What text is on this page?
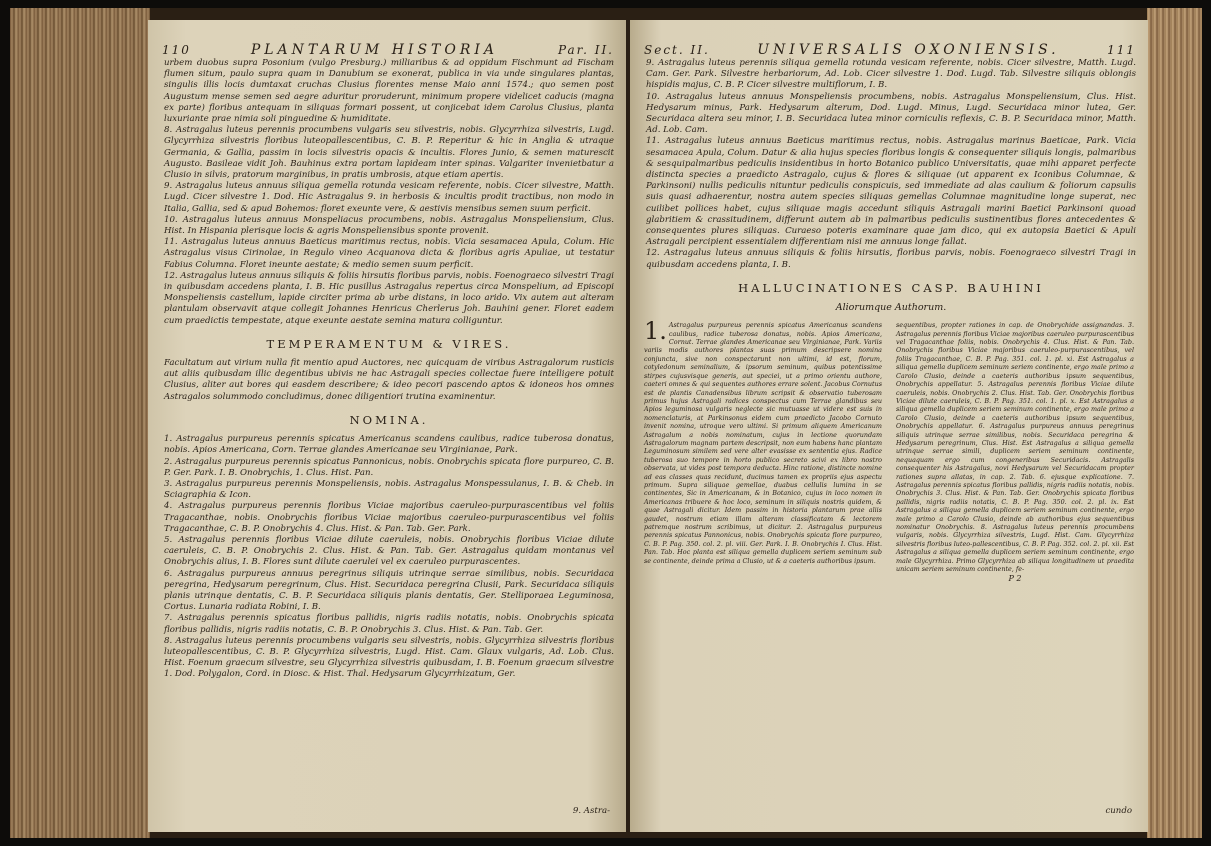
110	PLANTARUM HISTORIA	Par. II.

urbem duobus supra Posonium (vulgo Presburg.) milliaribus & ad oppidum Fischmunt ad Fischam flumen situm, paulo supra quam in Danubium se exonerat, publica in via unde singulares plantas, singulis illis locis dumtaxat cruchas Clusius florentes mense Maio anni 1574.; quo semen post Augustum mense semen sed aegre aduritur proruderunt, minimum propere videlicet caducis (magna ex parte) floribus antequam in siliquas formari possent, ut conjicebat idem Carolus Clusius, planta luxuriante prae nimia soli pinguedine & humiditate.

8. Astragalus luteus perennis procumbens vulgaris seu silvestris, nobis. Glycyrrhiza silvestris, Lugd. Glycyrrhiza silvestris floribus luteopallescentibus, C. B. P. Reperitur & hic in Anglia & utraque Germania, & Gallia, passim in locis silvestris opacis & incultis. Flores Junio, & semen maturescit Augusto. Basileae vidit Joh. Bauhinus extra portam lapideam inter spinas. Valgariter invenietbatur a Clusio in silvis, pratorum marginibus, in pratis umbrosis, atque etiam apertis.

9. Astragalus luteus annuus siliqua gemella rotunda vesicam referente, nobis. Cicer silvestre, Matth. Lugd. Cicer silvestre 1. Dod. Hic Astragalus 9. in herbosis & incultis prodit tractibus, non modo in Italia, Gallia, sed & apud Bohemos: floret exeunte vere, & aestivis mensibus semen suum perficit.

10. Astragalus luteus annuus Monspeliacus procumbens, nobis. Astragalus Monspeliensium, Clus. Hist. In Hispania plerisque locis & agris Monspeliensibus sponte provenit.

11. Astragalus luteus annuus Baeticus maritimus rectus, nobis. Vicia sesamacea Apula, Colum. Hic Astragalus visus Cirinolae, in Regulo vineo Acquanova dicta & floribus agris Apuliae, ut testatur Fabius Columna. Floret ineunte aestate; & medio semen suum perficit.

12. Astragalus luteus annuus siliquis & foliis hirsutis floribus parvis, nobis. Foenograeco silvestri Tragi in quibusdam accedens planta, I. B. Hic pusillus Astragalus repertus circa Monspelium, ad Episcopi Monspeliensis castellum, lapide circiter prima ab urbe distans, in loco arido. Vix autem aut alteram plantulam observavit atque collegit Johannes Henricus Cherlerus Joh. Bauhini gener. Floret eadem cum praedictis tempestate, atque exeunte aestate semina matura colliguntur.

TEMPERAMENTUM & VIRES.

Facultatum aut virium nulla fit mentio apud Auctores, nec quicquam de viribus Astragalorum rusticis aut aliis quibusdam illic degentibus ubivis ne hac Astragali species collectae fuere intelligere potuit Clusius, aliter aut bores qui easdem describere; & ideo pecori pascendo aptos & idoneos hos omnes Astragalos solummodo concludimus, donec diligentiori trutina examinentur.

NOMINA.

1. Astragalus purpureus perennis spicatus Americanus scandens caulibus, radice tuberosa donatus, nobis. Apios Americana, Corn. Terrae glandes Americanae seu Virginianae, Park.

2. Astragalus purpureus perennis spicatus Pannonicus, nobis. Onobrychis spicata flore purpureo, C. B. P. Ger. Park. I. B. Onobrychis, 1. Clus. Hist. Pan.

3. Astragalus purpureus perennis Monspeliensis, nobis. Astragalus Monspessulanus, I. B. & Cheb. in Sciagraphia & Icon.

4. Astragalus purpureus perennis floribus Viciae majoribus caeruleo-purpurascentibus vel foliis Tragacanthae, nobis. Onobrychis floribus Viciae majoribus caeruleo-purpurascentibus vel foliis Tragacanthae, C. B. P. Onobrychis 4. Clus. Hist. & Pan. Tab. Ger. Park.

5. Astragalus perennis floribus Viciae dilute caeruleis, nobis. Onobrychis floribus Viciae dilute caeruleis, C. B. P. Onobrychis 2. Clus. Hist. & Pan. Tab. Ger. Astragalus quidam montanus vel Onobrychis alius, I. B. Flores sunt dilute caerulei vel ex caeruleo purpurascentes.

6. Astragalus purpureus annuus peregrinus siliquis utrinque serrae similibus, nobis. Securidaca peregrina, Hedysarum peregrinum, Clus. Hist. Securidaca peregrina Clusii, Park. Securidaca siliquis planis utrinque dentatis, C. B. P. Securidaca siliquis planis dentatis, Ger. Stelliporaea Leguminosa, Cortus. Lunaria radiata Robini, I. B.

7. Astragalus perennis spicatus floribus pallidis, nigris radiis notatis, nobis. Onobrychis spicata floribus pallidis, nigris radiis notatis, C. B. P. Onobrychis 3. Clus. Hist. & Pan. Tab. Ger.

8. Astragalus luteus perennis procumbens vulgaris seu silvestris, nobis. Glycyrrhiza silvestris floribus luteopallescentibus, C. B. P. Glycyrrhiza silvestris, Lugd. Hist. Cam. Glaux vulgaris, Ad. Lob. Clus. Hist. Foenum graecum silvestre, seu Glycyrrhiza silvestris quibusdam, I. B. Foenum graecum silvestre 1. Dod. Polygalon, Cord. in Diosc. & Hist. Thal. Hedysarum Glycyrrhizatum, Ger.

9. Astra-
Sect. II.	UNIVERSALIS OXONIENSIS.	111

9. Astragalus luteus perennis siliqua gemella rotunda vesicam referente, nobis. Cicer silvestre, Matth. Lugd. Cam. Ger. Park. Silvestre herbariorum, Ad. Lob. Cicer silvestre 1. Dod. Lugd. Tab. Silvestre siliquis oblongis hispidis majus, C. B. P. Cicer silvestre multiflorum, I. B.

10. Astragalus luteus annuus Monspeliensis procumbens, nobis. Astragalus Monspeliensium, Clus. Hist. Hedysarum minus, Park. Hedysarum alterum, Dod. Lugd. Minus, Lugd. Securidaca minor lutea, Ger. Securidaca altera seu minor, I. B. Securidaca lutea minor corniculis reflexis, C. B. P. Securidaca minor, Matth. Ad. Lob. Cam.

11. Astragalus luteus annuus Baeticus maritimus rectus, nobis. Astragalus marinus Baeticae, Park. Vicia sesamacea Apula, Colum. Datur & alia hujus species floribus longis & consequenter siliquis longis, palmaribus & sesquipalmaribus pediculis insidentibus in horto Botanico publico Universitatis, quae mihi apparet perfecte distincta species a praedicto Astragalo, cujus & flores & siliquae (ut apparent ex Iconibus Columnae, & Parkinsoni) nullis pediculis nituntur pediculis conspicuis, sed immediate ad alas caulium & foliorum capsulis suis quasi adhaerentur, nostra autem species siliquas gemellas Columnae magnitudine longe superat, nec cuilibet pollices habet, cujus siliquae magis accedunt siliquis Astragali marini Baetici Parkinsoni quoad glabritiem & crassitudinem, differunt autem ab in palmaribus pediculis sustinentibus flores antecedentes & consequentes plures siliquas. Curaeso poteris examinare quae jam dico, qui ex autopsia Baetici & Apuli Astragali percipient essentialem differentiam nisi me annuus longe fallat.

12. Astragalus luteus annuus siliquis & foliis hirsutis, floribus parvis, nobis. Foenograeco silvestri Tragi in quibusdam accedens planta, I. B.

HALLUCINATIONES CASP. BAUHINI
Aliorumque Authorum.
1. Astragalus purpureus perennis spicatus Americanus scandens caulibus, radice tuberosa donatus, nobis. Apios Americana, Cornut. Terrae glandes Americanae seu Virginianae, Park. Variis variis modis authores plantas suas primum descripsere nomina conjuncta, sive non conspectarunt non ultimi, id est, florum, cotyledonum seminalium, & ipsorum seminum, quibus potentissime stirpes cujusvisque generis, aut speciei, ut a primo orientu authore, caeteri omnes & qui sequentes authores errare solent. Jacobus Cornutus est de plantis Canadensibus librum scripsit & observatio tuberosam primus hujus Astragali radices conspectus cum Terrae glandibus seu Apios leguminosa vulgaris neglecte sic mutuasse ut videre est suis in nomenclaturis, at Parkinsonus eidem cum praedicto Jacobo Cornuto invenit nomina, utroque vero ultimi. Si primum aliquem Americanum Astragalum a nobis nominatum, cujus in lectione quorundam Astragalorum magnam partem descripsit, non eum habens hanc plantam Leguminosum similem sed vere alter evasisse ex sententia ejus. Radice tuberosa suo tempore in horto publico secreto scivi ex libro nostro observata, ut vides post tempora deducta. Hinc ratione, distincte nomine ad eas classes quas recidunt, ducimus tamen ex propriis ejus aspectu primum. Supra siliquae gemellae, duabus cellulis lumina in se continentes, Sic in Americanam, & in Botanico, cujus in loco nomen in Americanas tribuere & hoc loco, seminum in siliquis nostris quidem, & quae Astragali dicitur. Idem passim in historia plantarum prae aliis gaudet, nostrum etiam illam alteram classificatam & lectorem patremque nostrum scribimus, ut dicitur. 2. Astragalus purpureus perennis spicatus Pannonicus, nobis. Onobrychis spicata flore purpureo, C. B. P. Pag. 350. col. 2. pl. viii. Ger. Park. I. B. Onobrychis I. Clus. Hist. Pan. Tab. Hoc planta est siliqua gemella duplicem seriem seminum sub se continente, deinde prima a Clusio, ut & a caeteris authoribus ipsum.
sequentibus, propter rationes in cap. de Onobrychide assignandas. 3. Astragalus perennis floribus Viciae majoribus caeruleo purpurascentibus vel Tragacanthae foliis, nobis. Onobrychis 4. Clus. Hist. & Pan. Tab. Onobrychis floribus Viciae majoribus caeruleo-purpurascentibus, vel foliis Tragacanthae, C. B. P. Pag. 351. col. 1. pl. xi. Est Astragalus a siliqua gemella duplicem seminum seriem continente, ergo male primo a Carolo Clusio, deinde a caeteris authoribus ipsum sequentibus, Onobrychis appellatur. 5. Astragalus perennis floribus Viciae dilute caeruleis, nobis. Onobrychis 2. Clus. Hist. Tab. Ger. Onobrychis floribus Viciae dilute caeruleis, C. B. P. Pag. 351. col. 1. pl. x. Est Astragalus a siliqua gemella duplicem seriem seminum continente, ergo male primo a Carolo Clusio, deinde a caeteris authoribus ipsum sequentibus, Onobrychis appellatur. 6. Astragalus purpureus annuus peregrinus siliquis utrinque serrae similibus, nobis. Securidaca peregrina & Hedysarum peregrinum, Clus. Hist. Est Astragalus a siliqua gemella utrinque serrae simili, duplicem seriem seminum continente, nequaquam ergo cum congeneribus Securidacis. Astragalis consequenter his Astragalus, novi Hedysarum vel Securidacam propter rationes supra allatas, in cap. 2. Tab. 6. ejusque explicatione. 7. Astragalus perennis spicatus floribus pallidis, nigris radiis notatis, nobis. Onobrychis 3. Clus. Hist. & Pan. Tab. Ger. Onobrychis spicata floribus pallidis, nigris radiis notatis, C. B. P. Pag. 350. col. 2. pl. ix. Est Astragalus a siliqua gemella duplicem seriem seminum continente, ergo male primo a Carolo Clusio, deinde ab authoribus ejus sequentibus nominatur Onobrychis. 8. Astragalus luteus perennis procumbens vulgaris, nobis. Glycyrrhiza silvestris, Lugd. Hist. Cam. Glycyrrhiza silvestris floribus luteo-pallescentibus, C. B. P. Pag. 352. col. 2. pl. xii. Est Astragalus a siliqua gemella duplicem seriem seminum continente, ergo male Glycyrrhiza. Primo Glycyrrhiza ab siliqua longitudinem ut praedita unicam seriem seminum continente, fe-
P 2
cundo
